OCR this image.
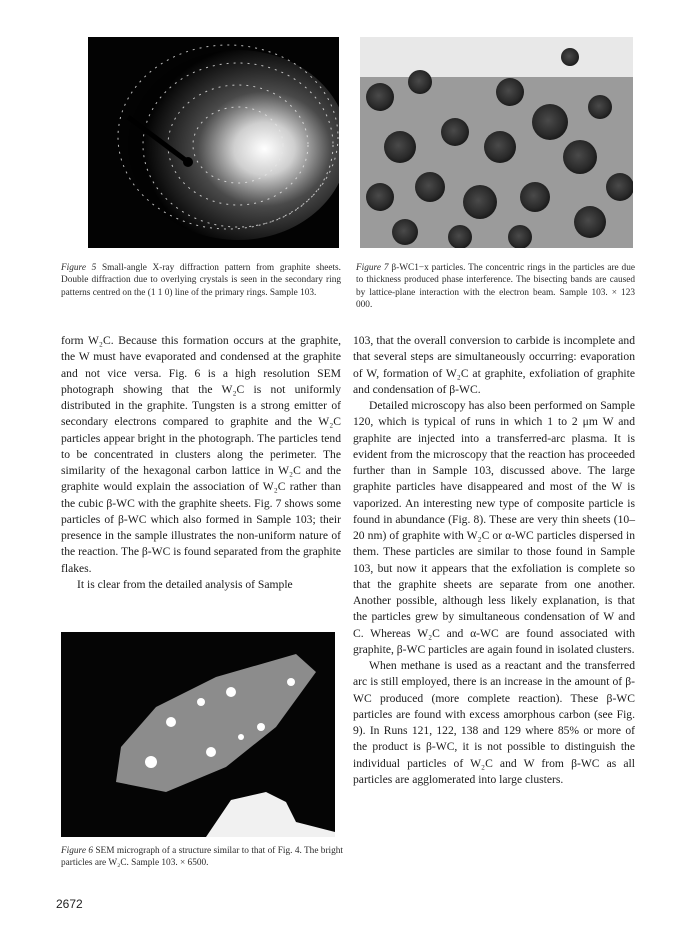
Figure 5 Small-angle X-ray diffraction pattern from graphite sheets. Double diffraction due to overlying crystals is seen in the secondary ring patterns centred on the (1 1 0) line of the primary rings. Sample 103.
Figure 7 β-WC1−x particles. The concentric rings in the particles are due to thickness produced phase interference. The bisecting bands are caused by lattice-plane interaction with the electron beam. Sample 103. × 123 000.

form W₂C. Because this formation occurs at the graphite, the W must have evaporated and condensed at the graphite and not vice versa. Fig. 6 is a high resolution SEM photograph showing that the W₂C is not uniformly distributed in the graphite. Tungsten is a strong emitter of secondary electrons compared to graphite and the W₂C particles appear bright in the photograph. The particles tend to be concentrated in clusters along the perimeter. The similarity of the hexagonal carbon lattice in W₂C and the graphite would explain the association of W₂C rather than the cubic β-WC with the graphite sheets. Fig. 7 shows some particles of β-WC which also formed in Sample 103; their presence in the sample illustrates the non-uniform nature of the reaction. The β-WC is found separated from the graphite flakes.

It is clear from the detailed analysis of Sample

Figure 6 SEM micrograph of a structure similar to that of Fig. 4. The bright particles are W₂C. Sample 103. × 6500.

103, that the overall conversion to carbide is incomplete and that several steps are simultaneously occurring: evaporation of W, formation of W₂C at graphite, exfoliation of graphite and condensation of β-WC.

Detailed microscopy has also been performed on Sample 120, which is typical of runs in which 1 to 2 μm W and graphite are injected into a transferred-arc plasma. It is evident from the microscopy that the reaction has proceeded further than in Sample 103, discussed above. The large graphite particles have disappeared and most of the W is vaporized. An interesting new type of composite particle is found in abundance (Fig. 8). These are very thin sheets (10–20 nm) of graphite with W₂C or α-WC particles dispersed in them. These particles are similar to those found in Sample 103, but now it appears that the exfoliation is complete so that the graphite sheets are separate from one another. Another possible, although less likely explanation, is that the particles grew by simultaneous condensation of W and C. Whereas W₂C and α-WC are found associated with graphite, β-WC particles are again found in isolated clusters.

When methane is used as a reactant and the transferred arc is still employed, there is an increase in the amount of β-WC produced (more complete reaction). These β-WC particles are found with excess amorphous carbon (see Fig. 9). In Runs 121, 122, 138 and 129 where 85% or more of the product is β-WC, it is not possible to distinguish the individual particles of W₂C and W from β-WC as all particles are agglomerated into large clusters.

2672
